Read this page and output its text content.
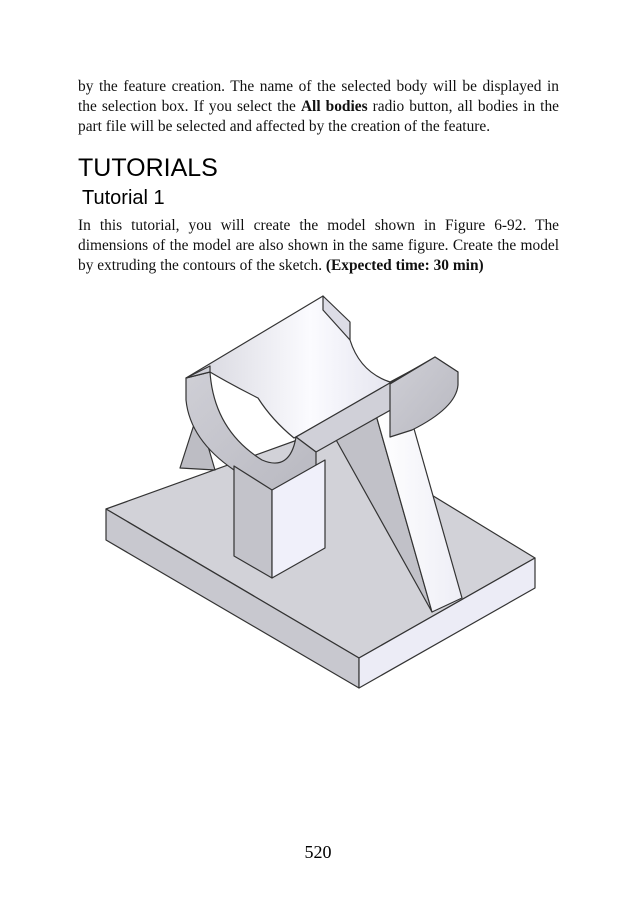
by the feature creation. The name of the selected body will be displayed in the selection box. If you select the All bodies radio button, all bodies in the part file will be selected and affected by the creation of the feature.

TUTORIALS
Tutorial 1

In this tutorial, you will create the model shown in Figure 6-92. The dimensions of the model are also shown in the same figure. Create the model by extruding the contours of the sketch. (Expected time: 30 min)

520
